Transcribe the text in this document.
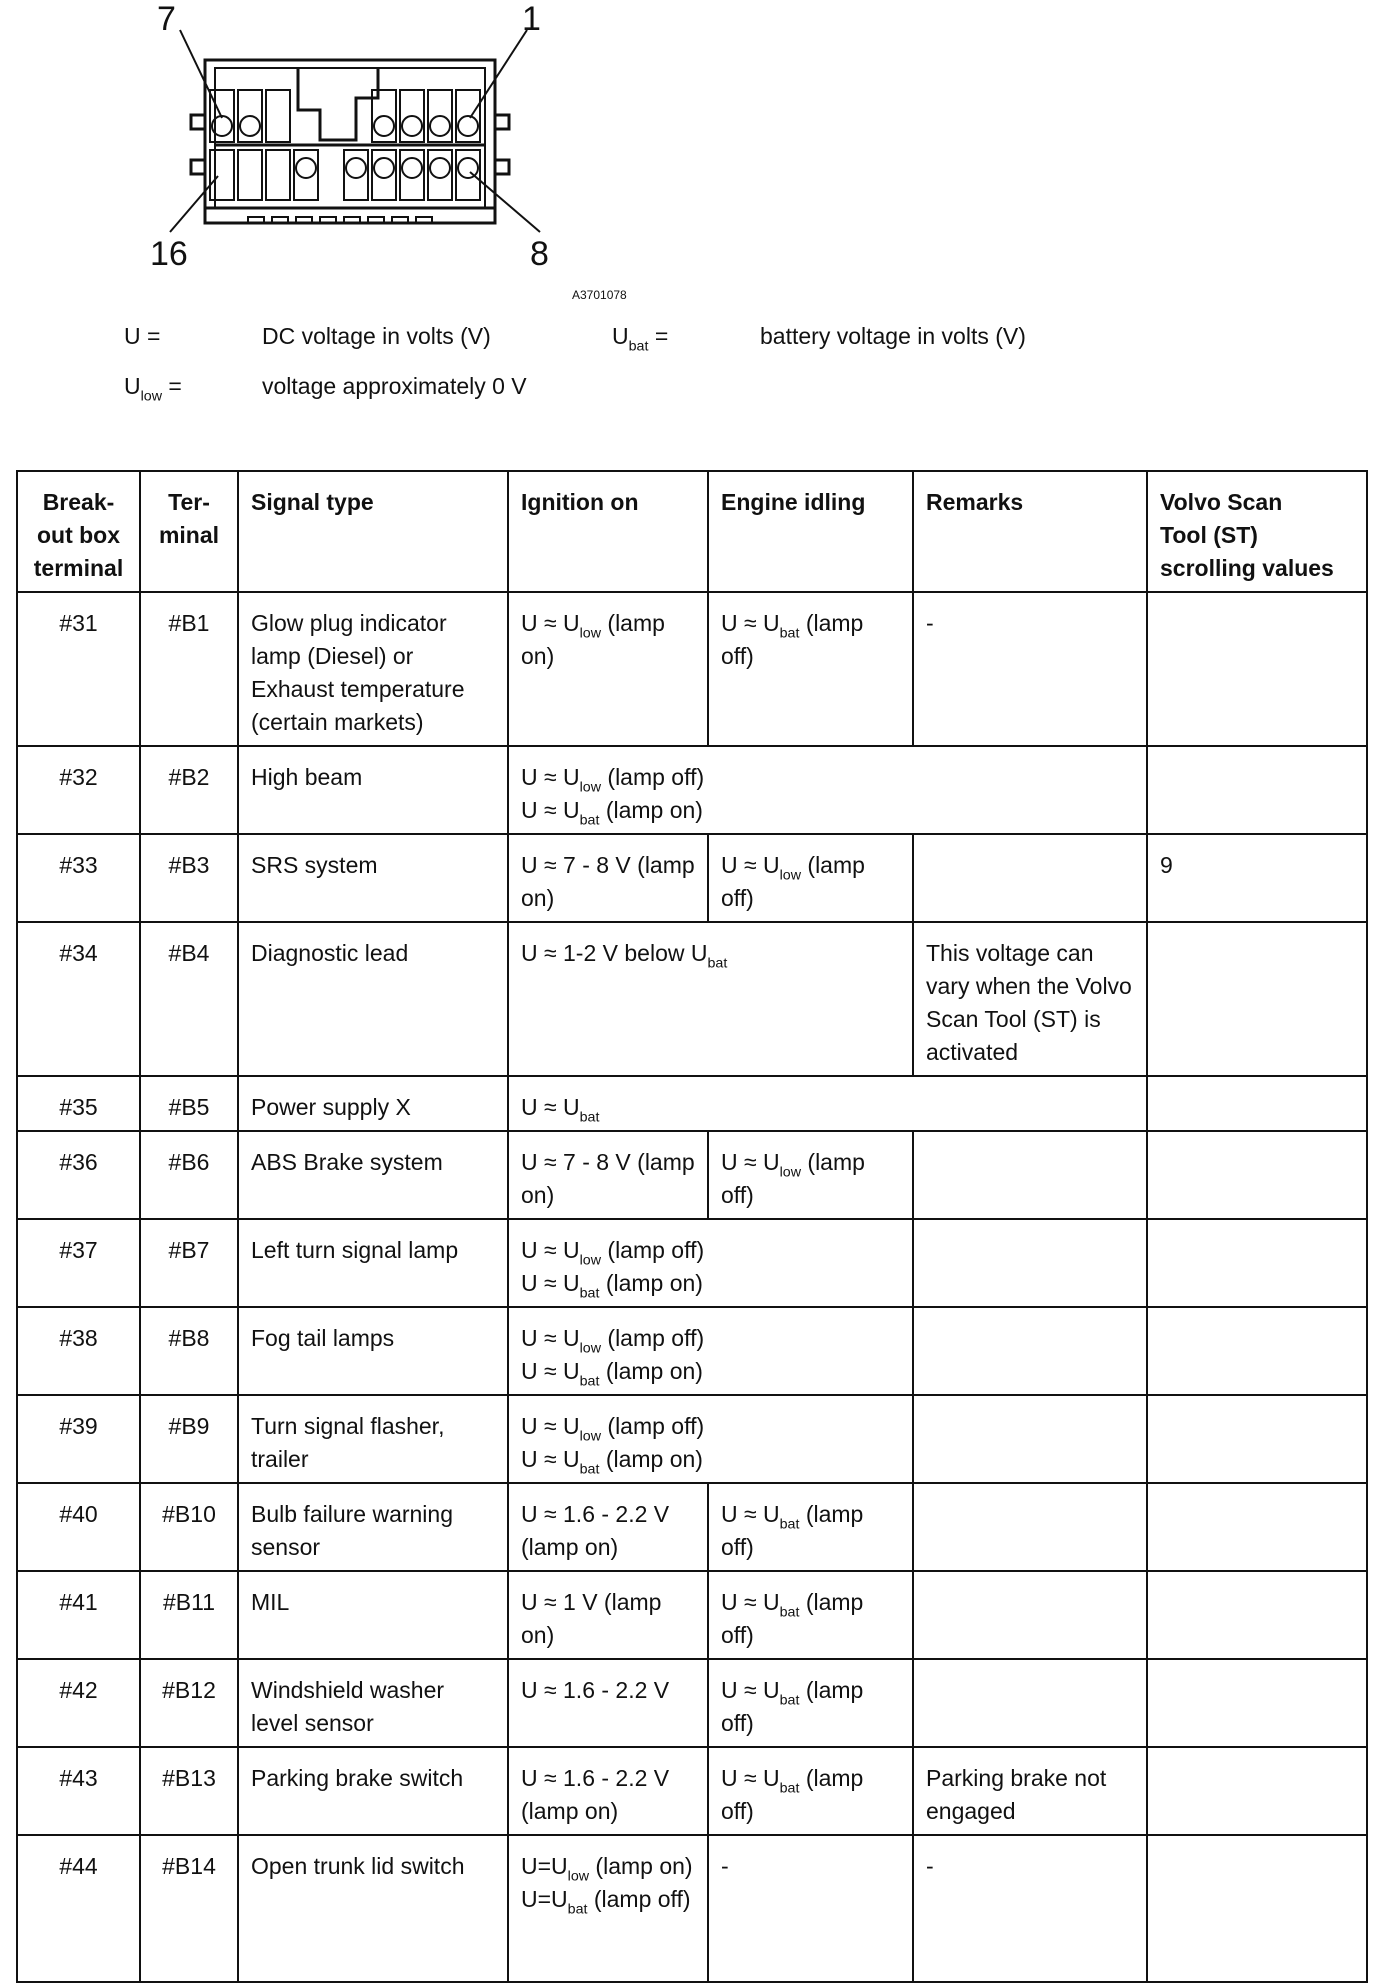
7	1
16	8
A3701078
U =	DC voltage in volts (V)	$U_{bat}$ =	battery voltage in volts (V)
$U_{low}$ =	voltage approximately 0 V
Break-
out box
terminal	Ter-
minal	Signal type	Ignition on	Engine idling	Remarks	Volvo Scan
Tool (ST)
scrolling values
#31	#B1	Glow plug indicator lamp (Diesel) or Exhaust temperature (certain markets)	$U \approx U_{low}$ (lamp on)	$U \approx U_{bat}$ (lamp off)	-	
#32	#B2	High beam	$U \approx U_{low}$ (lamp off)
$U \approx U_{bat}$ (lamp on)			
#33	#B3	SRS system	U ≈ 7 - 8 V (lamp on)	$U \approx U_{low}$ (lamp off)		9
#34	#B4	Diagnostic lead	U ≈ 1-2 V below $U_{bat}$		This voltage can vary when the Volvo Scan Tool (ST) is activated	
#35	#B5	Power supply X	$U \approx U_{bat}$	
#36	#B6	ABS Brake system	U ≈ 7 - 8 V (lamp on)	$U \approx U_{low}$ (lamp off)		
#37	#B7	Left turn signal lamp	$U \approx U_{low}$ (lamp off)
$U \approx U_{bat}$ (lamp on)			
#38	#B8	Fog tail lamps	$U \approx U_{low}$ (lamp off)
$U \approx U_{bat}$ (lamp on)			
#39	#B9	Turn signal flasher, trailer	$U \approx U_{low}$ (lamp off)
$U \approx U_{bat}$ (lamp on)			
#40	#B10	Bulb failure warning sensor	U ≈ 1.6 - 2.2 V (lamp on)	$U \approx U_{bat}$ (lamp off)		
#41	#B11	MIL	U ≈ 1 V (lamp on)	$U \approx U_{bat}$ (lamp off)		
#42	#B12	Windshield washer level sensor	U ≈ 1.6 - 2.2 V	$U \approx U_{bat}$ (lamp off)		
#43	#B13	Parking brake switch	U ≈ 1.6 - 2.2 V (lamp on)	$U \approx U_{bat}$ (lamp off)	Parking brake not engaged	
#44	#B14	Open trunk lid switch	$U=U_{low}$ (lamp on)
$U=U_{bat}$ (lamp off)	-	-	
